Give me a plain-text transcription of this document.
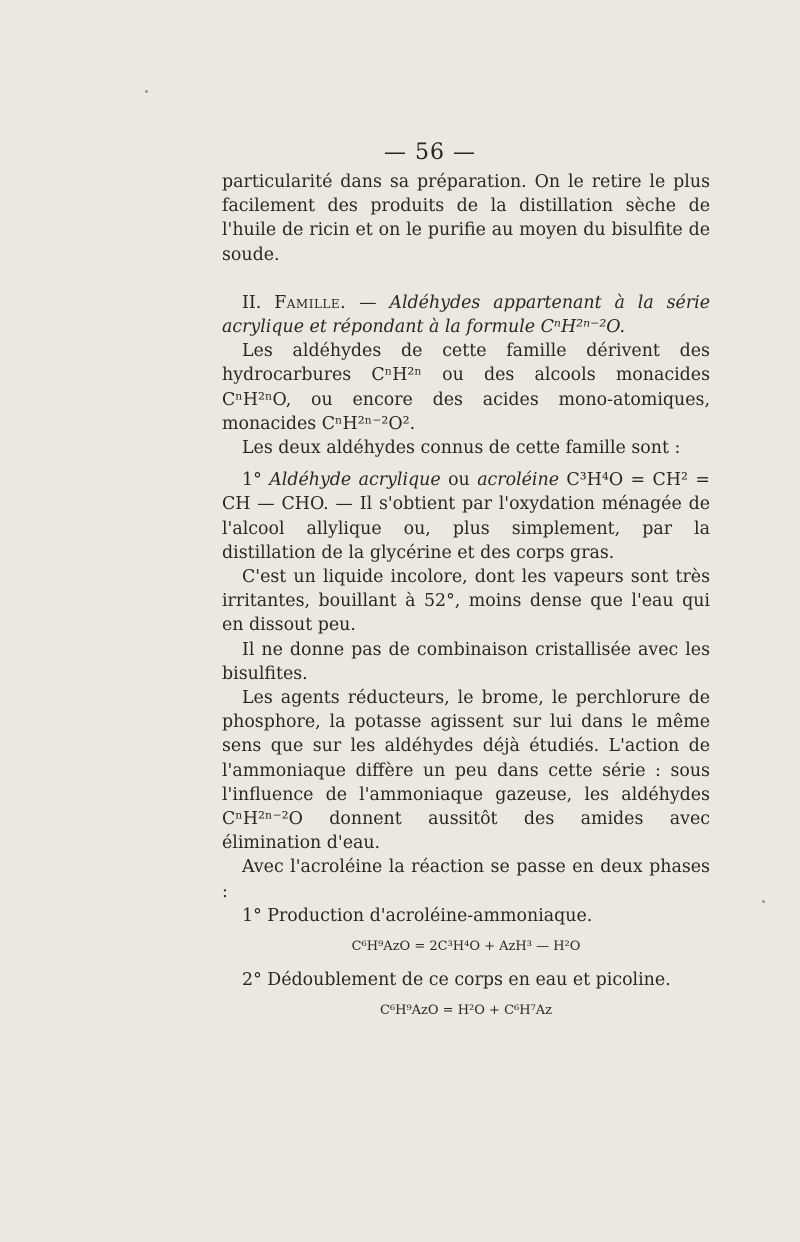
— 56 —

particularité dans sa préparation. On le retire le plus facilement des produits de la distillation sèche de l'huile de ricin et on le purifie au moyen du bisulfite de soude.

II. Famille. — Aldéhydes appartenant à la série acrylique et répondant à la formule CⁿH²ⁿ⁻²O.

Les aldéhydes de cette famille dérivent des hydrocarbures CⁿH²ⁿ ou des alcools monacides CⁿH²ⁿO, ou encore des acides mono-atomiques, monacides CⁿH²ⁿ⁻²O².

Les deux aldéhydes connus de cette famille sont :

1° Aldéhyde acrylique ou acroléine C³H⁴O = CH² = CH — CHO. — Il s'obtient par l'oxydation ménagée de l'alcool allylique ou, plus simplement, par la distillation de la glycérine et des corps gras.

C'est un liquide incolore, dont les vapeurs sont très irritantes, bouillant à 52°, moins dense que l'eau qui en dissout peu.

Il ne donne pas de combinaison cristallisée avec les bisulfites.

Les agents réducteurs, le brome, le perchlorure de phosphore, la potasse agissent sur lui dans le même sens que sur les aldéhydes déjà étudiés. L'action de l'ammoniaque diffère un peu dans cette série : sous l'influence de l'ammoniaque gazeuse, les aldéhydes CⁿH²ⁿ⁻²O donnent aussitôt des amides avec élimination d'eau.

Avec l'acroléine la réaction se passe en deux phases :

1° Production d'acroléine-ammoniaque.

C⁶H⁹AzO = 2C³H⁴O + AzH³ — H²O

2° Dédoublement de ce corps en eau et picoline.

C⁶H⁹AzO = H²O + C⁶H⁷Az
